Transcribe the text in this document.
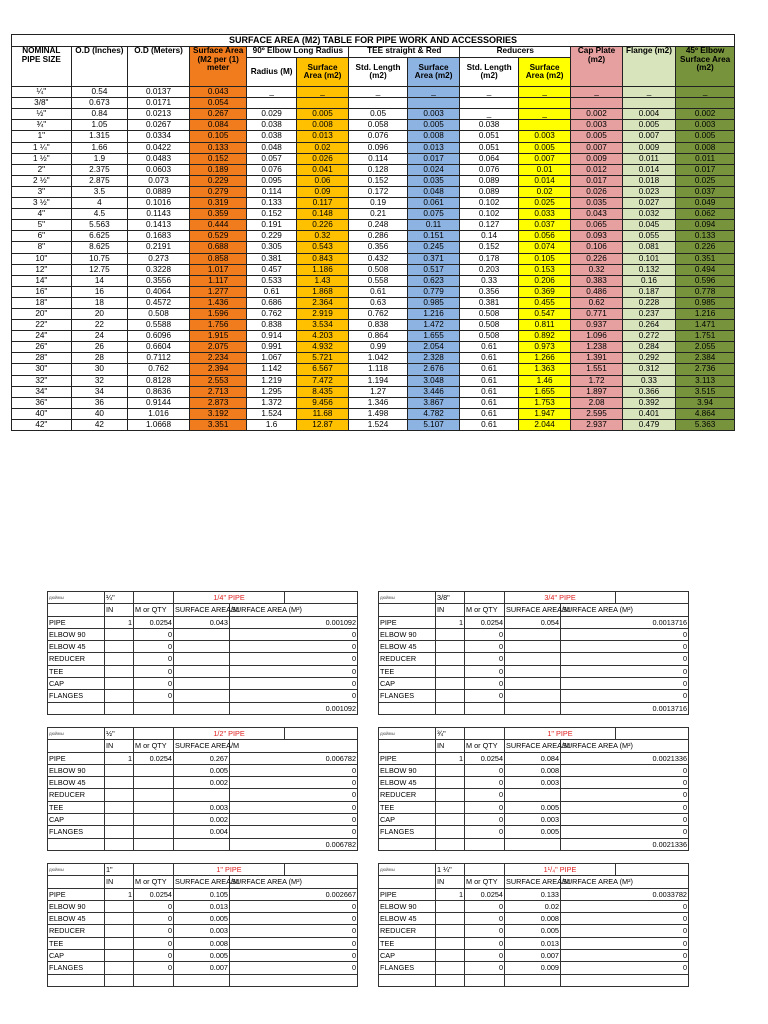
SURFACE AREA (M2) TABLE FOR PIPE WORK AND ACCESSORIES												
NOMINAL PIPE SIZE	O.D (Inches)	O.D (Meters)	Surface Area (M2 per (1) meter	90º Elbow Long Radius		TEE straight & Red		Reducers		Cap Plate (m2)	Flange (m2)	45º Elbow Surface Area (m2)
				Radius (M)	Surface Area (m2)	Std. Length (m2)	Surface Area (m2)	Std. Length (m2)	Surface Area (m2)			
¼"	0.54	0.0137	0.043	_	_	_	_	_	_	_	_	_
3/8"	0.673	0.0171	0.054									
½"	0.84	0.0213	0.267	0.029	0.005	0.05	0.003	_	_	0.002	0.004	0.002
¾"	1.05	0.0267	0.084	0.038	0.008	0.058	0.005	0.038		0.003	0.005	0.003
1"	1.315	0.0334	0.105	0.038	0.013	0.076	0.008	0.051	0.003	0.005	0.007	0.005
1 ¼"	1.66	0.0422	0.133	0.048	0.02	0.096	0.013	0.051	0.005	0.007	0.009	0.008
1 ½"	1.9	0.0483	0.152	0.057	0.026	0.114	0.017	0.064	0.007	0.009	0.011	0.011
2"	2.375	0.0603	0.189	0.076	0.041	0.128	0.024	0.076	0.01	0.012	0.014	0.017
2 ½"	2.875	0.073	0.229	0.095	0.06	0.152	0.035	0.089	0.014	0.017	0.018	0.025
3"	3.5	0.0889	0.279	0.114	0.09	0.172	0.048	0.089	0.02	0.026	0.023	0.037
3 ½"	4	0.1016	0.319	0.133	0.117	0.19	0.061	0.102	0.025	0.035	0.027	0.049
4"	4.5	0.1143	0.359	0.152	0.148	0.21	0.075	0.102	0.033	0.043	0.032	0.062
5"	5.563	0.1413	0.444	0.191	0.226	0.248	0.11	0.127	0.037	0.065	0.045	0.094
6"	6.625	0.1683	0.529	0.229	0.32	0.286	0.151	0.14	0.056	0.093	0.055	0.133
8"	8.625	0.2191	0.688	0.305	0.543	0.356	0.245	0.152	0.074	0.106	0.081	0.226
10"	10.75	0.273	0.858	0.381	0.843	0.432	0.371	0.178	0.105	0.226	0.101	0.351
12"	12.75	0.3228	1.017	0.457	1.186	0.508	0.517	0.203	0.153	0.32	0.132	0.494
14"	14	0.3556	1.117	0.533	1.43	0.558	0.623	0.33	0.206	0.383	0.16	0.596
16"	16	0.4064	1.277	0.61	1.868	0.61	0.779	0.356	0.369	0.486	0.187	0.778
18"	18	0.4572	1.436	0.686	2.364	0.63	0.985	0.381	0.455	0.62	0.228	0.985
20"	20	0.508	1.596	0.762	2.919	0.762	1.216	0.508	0.547	0.771	0.237	1.216
22"	22	0.5588	1.756	0.838	3.534	0.838	1.472	0.508	0.811	0.937	0.264	1.471
24"	24	0.6096	1.915	0.914	4.203	0.864	1.655	0.508	0.892	1.096	0.272	1.751
26"	26	0.6604	2.075	0.991	4.932	0.99	2.054	0.61	0.973	1.238	0.284	2.055
28"	28	0.7112	2.234	1.067	5.721	1.042	2.328	0.61	1.266	1.391	0.292	2.384
30"	30	0.762	2.394	1.142	6.567	1.118	2.676	0.61	1.363	1.551	0.312	2.736
32"	32	0.8128	2.553	1.219	7.472	1.194	3.048	0.61	1.46	1.72	0.33	3.113
34"	34	0.8636	2.713	1.295	8.435	1.27	3.446	0.61	1.655	1.897	0.366	3.515
36"	36	0.9144	2.873	1.372	9.456	1.346	3.867	0.61	1.753	2.08	0.392	3.94
40"	40	1.016	3.192	1.524	11.68	1.498	4.782	0.61	1.947	2.595	0.401	4.864
42"	42	1.0668	3.351	1.6	12.87	1.524	5.107	0.61	2.044	2.937	0.479	5.363
дюймы	¼"		1/4" PIPE		
	IN	M or QTY	SURFACE AREA/M	SURFACE AREA (M²)	
PIPE	1	0.0254	0.043	0.001092	
ELBOW 90		0		0	
ELBOW 45		0		0	
REDUCER		0		0	
TEE		0		0	
CAP		0		0	
FLANGES		0		0	
				0.001092	
дюймы	3/8"		3/4" PIPE		
	IN	M or QTY	SURFACE AREA/M	SURFACE AREA (M²)	
PIPE	1	0.0254	0.054	0.0013716	
ELBOW 90		0		0	
ELBOW 45		0		0	
REDUCER		0		0	
TEE		0		0	
CAP		0		0	
FLANGES		0		0	
				0.0013716	
дюймы	½"		1/2" PIPE		
	IN	M or QTY	SURFACE AREA/M		
PIPE	1	0.0254	0.267	0.006782	
ELBOW 90			0.005	0	
ELBOW 45			0.002	0	
REDUCER				0	
TEE			0.003	0	
CAP			0.002	0	
FLANGES			0.004	0	
				0.006782	
дюймы	¾"		1" PIPE		
	IN	M or QTY	SURFACE AREA/M	SURFACE AREA (M²)	
PIPE	1	0.0254	0.084	0.0021336	
ELBOW 90		0	0.008	0	
ELBOW 45		0	0.003	0	
REDUCER		0		0	
TEE		0	0.005	0	
CAP		0	0.003	0	
FLANGES		0	0.005	0	
				0.0021336	
дюймы	1"		1" PIPE		
	IN	M or QTY	SURFACE AREA/M	SURFACE AREA (M²)	
PIPE	1	0.0254	0.105	0.002667	
ELBOW 90		0	0.013	0	
ELBOW 45		0	0.005	0	
REDUCER		0	0.003	0	
TEE		0	0.008	0	
CAP		0	0.005	0	
FLANGES		0	0.007	0	

дюймы	1 ¼"		1¹/₄" PIPE		
	IN	M or QTY	SURFACE AREA/M	SURFACE AREA (M²)	
PIPE	1	0.0254	0.133	0.0033782	
ELBOW 90		0	0.02	0	
ELBOW 45		0	0.008	0	
REDUCER		0	0.005	0	
TEE		0	0.013	0	
CAP		0	0.007	0	
FLANGES		0	0.009	0	
